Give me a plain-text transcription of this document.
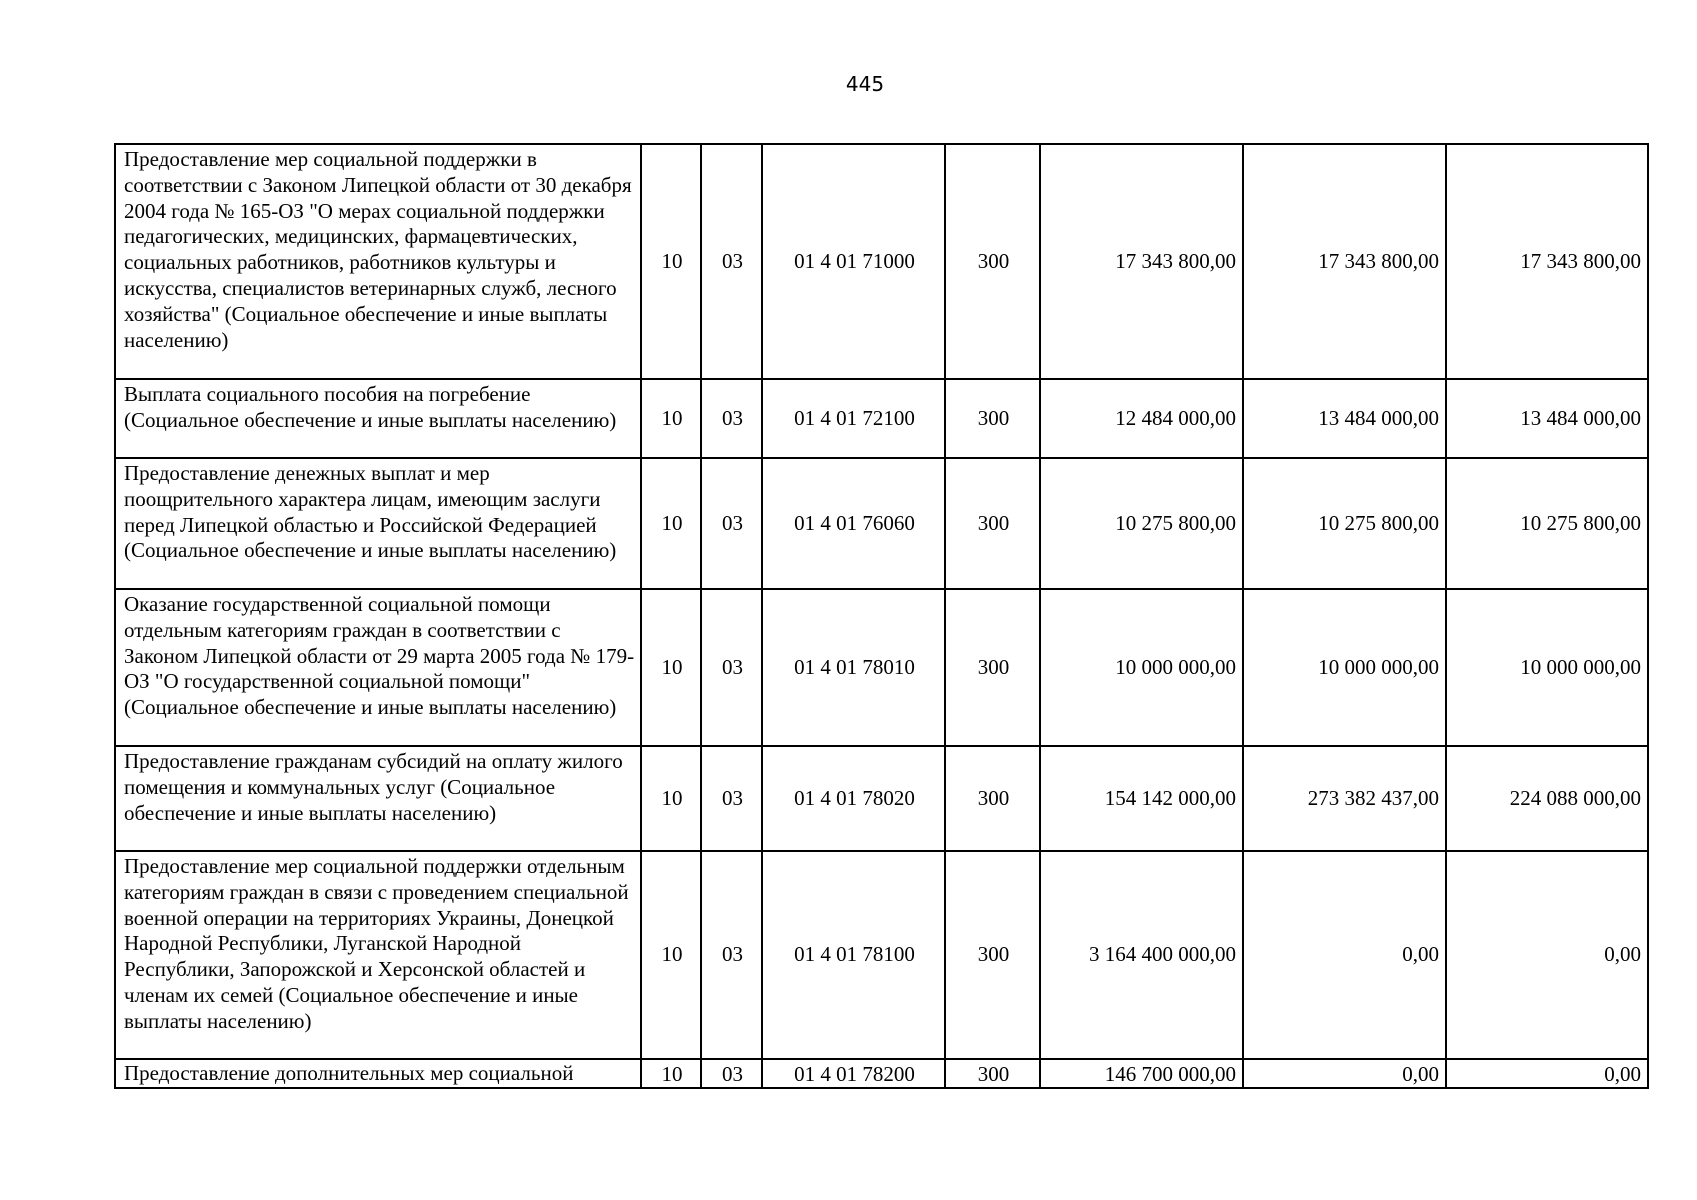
445
Предоставление мер социальной поддержки в соответствии с Законом Липецкой области от 30 декабря 2004 года № 165-ОЗ "О мерах социальной поддержки педагогических, медицинских, фармацевтических, социальных работников, работников культуры и искусства, специалистов ветеринарных служб, лесного хозяйства" (Социальное обеспечение и иные выплаты населению)	10	03	01 4 01 71000	300	17 343 800,00	17 343 800,00	17 343 800,00
Выплата социального пособия на погребение (Социальное обеспечение и иные выплаты населению)	10	03	01 4 01 72100	300	12 484 000,00	13 484 000,00	13 484 000,00
Предоставление денежных выплат и мер поощрительного характера лицам, имеющим заслуги перед Липецкой областью и Российской Федерацией (Социальное обеспечение и иные выплаты населению)	10	03	01 4 01 76060	300	10 275 800,00	10 275 800,00	10 275 800,00
Оказание государственной социальной помощи отдельным категориям граждан в соответствии с Законом Липецкой области от 29 марта 2005 года № 179-ОЗ "О государственной социальной помощи" (Социальное обеспечение и иные выплаты населению)	10	03	01 4 01 78010	300	10 000 000,00	10 000 000,00	10 000 000,00
Предоставление гражданам субсидий на оплату жилого помещения и коммунальных услуг (Социальное обеспечение и иные выплаты населению)	10	03	01 4 01 78020	300	154 142 000,00	273 382 437,00	224 088 000,00
Предоставление мер социальной поддержки отдельным категориям граждан в связи с проведением специальной военной операции на территориях Украины, Донецкой Народной Республики, Луганской Народной Республики, Запорожской и Херсонской областей и членам их семей (Социальное обеспечение и иные выплаты населению)	10	03	01 4 01 78100	300	3 164 400 000,00	0,00	0,00
Предоставление дополнительных мер социальной	10	03	01 4 01 78200	300	146 700 000,00	0,00	0,00
